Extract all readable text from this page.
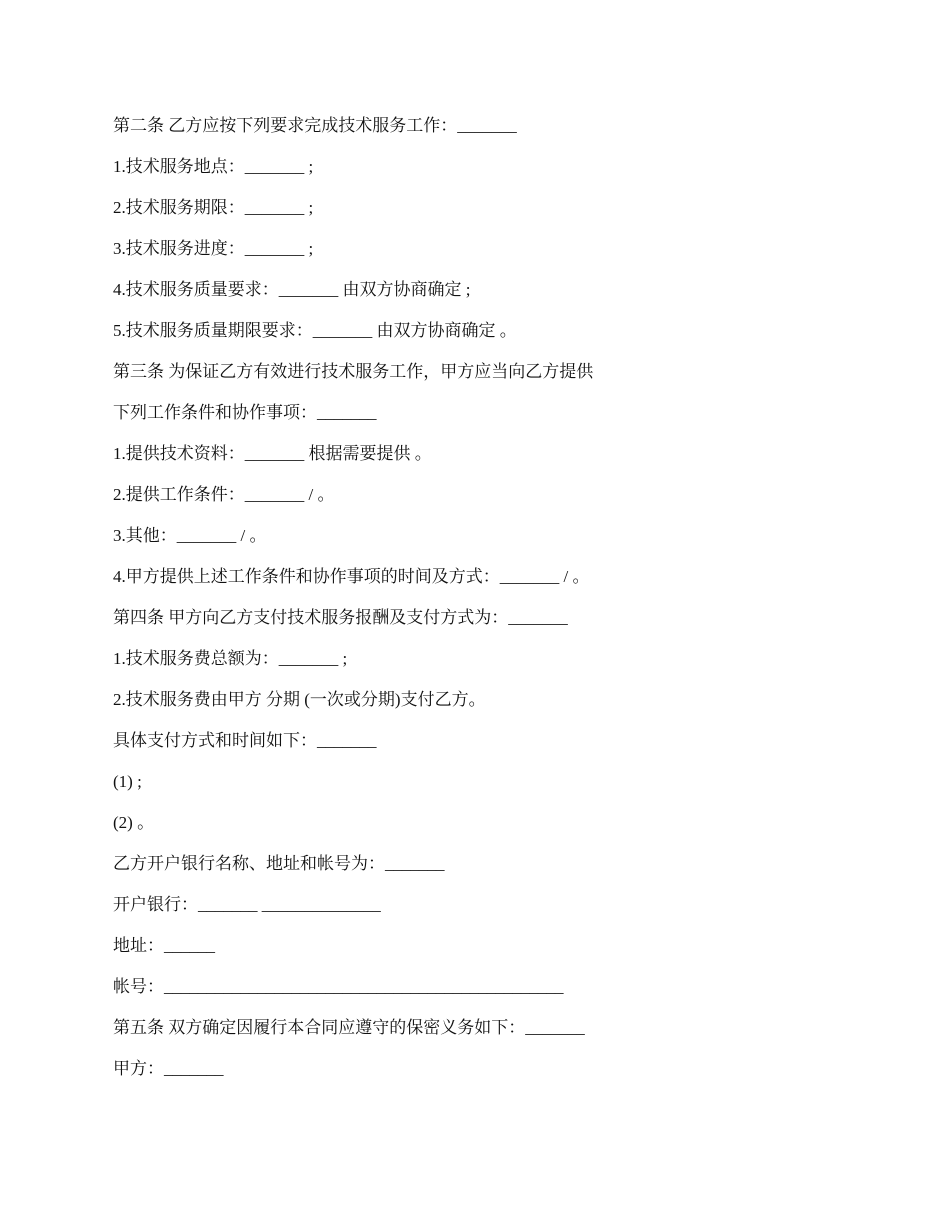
第二条 乙方应按下列要求完成技术服务工作：_______
1.技术服务地点：_______ ;
2.技术服务期限：_______ ;
3.技术服务进度：_______ ;
4.技术服务质量要求：_______ 由双方协商确定 ;
5.技术服务质量期限要求：_______ 由双方协商确定 。
第三条 为保证乙方有效进行技术服务工作，甲方应当向乙方提供
下列工作条件和协作事项：_______
1.提供技术资料：_______ 根据需要提供 。
2.提供工作条件：_______ / 。
3.其他：_______ / 。
4.甲方提供上述工作条件和协作事项的时间及方式：_______ / 。
第四条 甲方向乙方支付技术服务报酬及支付方式为：_______
1.技术服务费总额为：_______ ;
2.技术服务费由甲方 分期 (一次或分期)支付乙方。
具体支付方式和时间如下：_______
(1) ;
(2) 。
乙方开户银行名称、地址和帐号为：_______
开户银行：_______ ______________
地址：______
帐号：_______________________________________________
第五条 双方确定因履行本合同应遵守的保密义务如下：_______
甲方：_______
